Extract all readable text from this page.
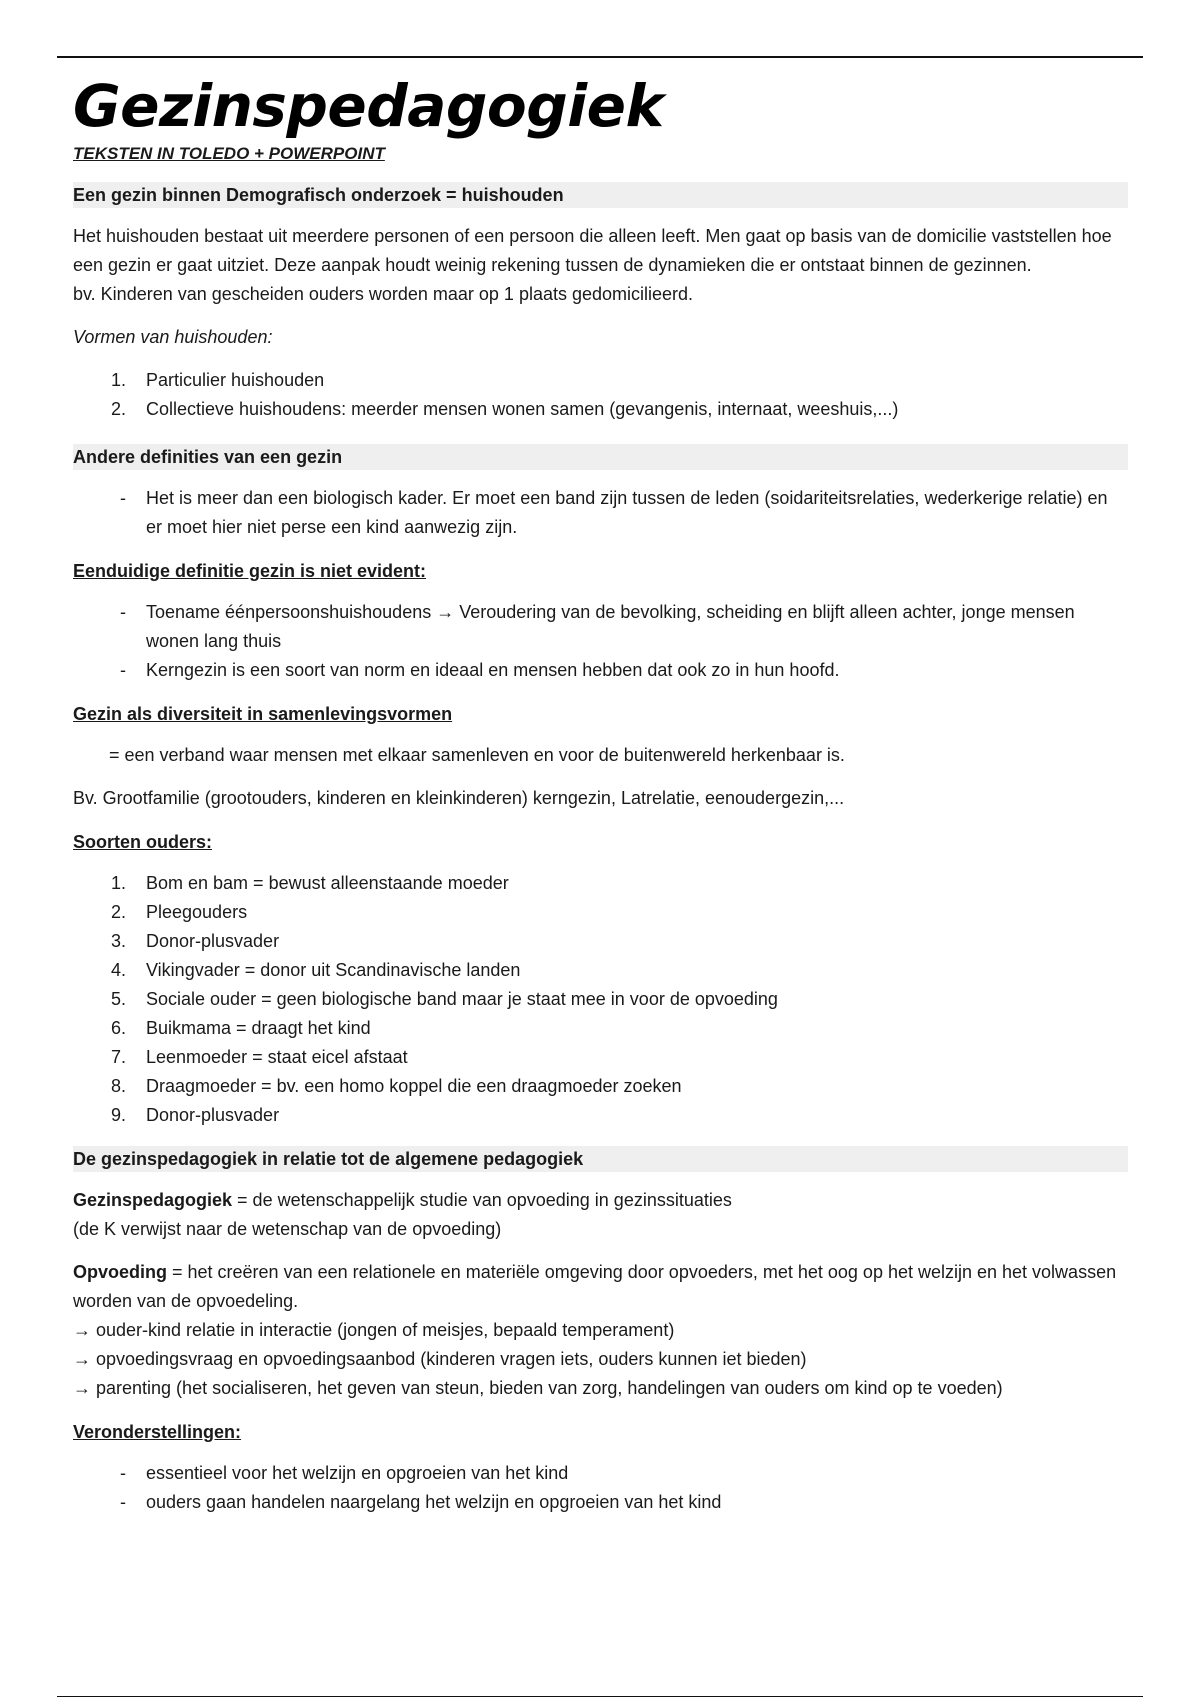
Gezinspedagogiek
TEKSTEN IN TOLEDO + POWERPOINT
Een gezin binnen Demografisch onderzoek = huishouden

Het huishouden bestaat uit meerdere personen of een persoon die alleen leeft. Men gaat op basis van de domicilie vaststellen hoe een gezin er gaat uitziet. Deze aanpak houdt weinig rekening tussen de dynamieken die er ontstaat binnen de gezinnen.

bv. Kinderen van gescheiden ouders worden maar op 1 plaats gedomicilieerd.

Vormen van huishouden:

1.	Particulier huishouden
2.	Collectieve huishoudens: meerder mensen wonen samen (gevangenis, internaat, weeshuis,...)
Andere definities van een gezin
-	Het is meer dan een biologisch kader. Er moet een band zijn tussen de leden (soidariteitsrelaties, wederkerige relatie) en er moet hier niet perse een kind aanwezig zijn.
Eenduidige definitie gezin is niet evident:
-	Toename éénpersoonshuishoudens → Veroudering van de bevolking, scheiding en blijft alleen achter, jonge mensen wonen lang thuis
-	Kerngezin is een soort van norm en ideaal en mensen hebben dat ook zo in hun hoofd.
Gezin als diversiteit in samenlevingsvormen

= een verband waar mensen met elkaar samenleven en voor de buitenwereld herkenbaar is.

Bv. Grootfamilie (grootouders, kinderen en kleinkinderen) kerngezin, Latrelatie, eenoudergezin,...

Soorten ouders:
1.	Bom en bam = bewust alleenstaande moeder
2.	Pleegouders
3.	Donor-plusvader
4.	Vikingvader = donor uit Scandinavische landen
5.	Sociale ouder = geen biologische band maar je staat mee in voor de opvoeding
6.	Buikmama = draagt het kind
7.	Leenmoeder = staat eicel afstaat
8.	Draagmoeder = bv. een homo koppel die een draagmoeder zoeken
9.	Donor-plusvader
De gezinspedagogiek in relatie tot de algemene pedagogiek

Gezinspedagogiek = de wetenschappelijk studie van opvoeding in gezinssituaties

(de K verwijst naar de wetenschap van de opvoeding)

Opvoeding = het creëren van een relationele en materiële omgeving door opvoeders, met het oog op het welzijn en het volwassen worden van de opvoedeling.

→ ouder-kind relatie in interactie (jongen of meisjes, bepaald temperament)

→ opvoedingsvraag en opvoedingsaanbod (kinderen vragen iets, ouders kunnen iet bieden)

→ parenting (het socialiseren, het geven van steun, bieden van zorg, handelingen van ouders om kind op te voeden)

Veronderstellingen:
-	essentieel voor het welzijn en opgroeien van het kind
-	ouders gaan handelen naargelang het welzijn en opgroeien van het kind
